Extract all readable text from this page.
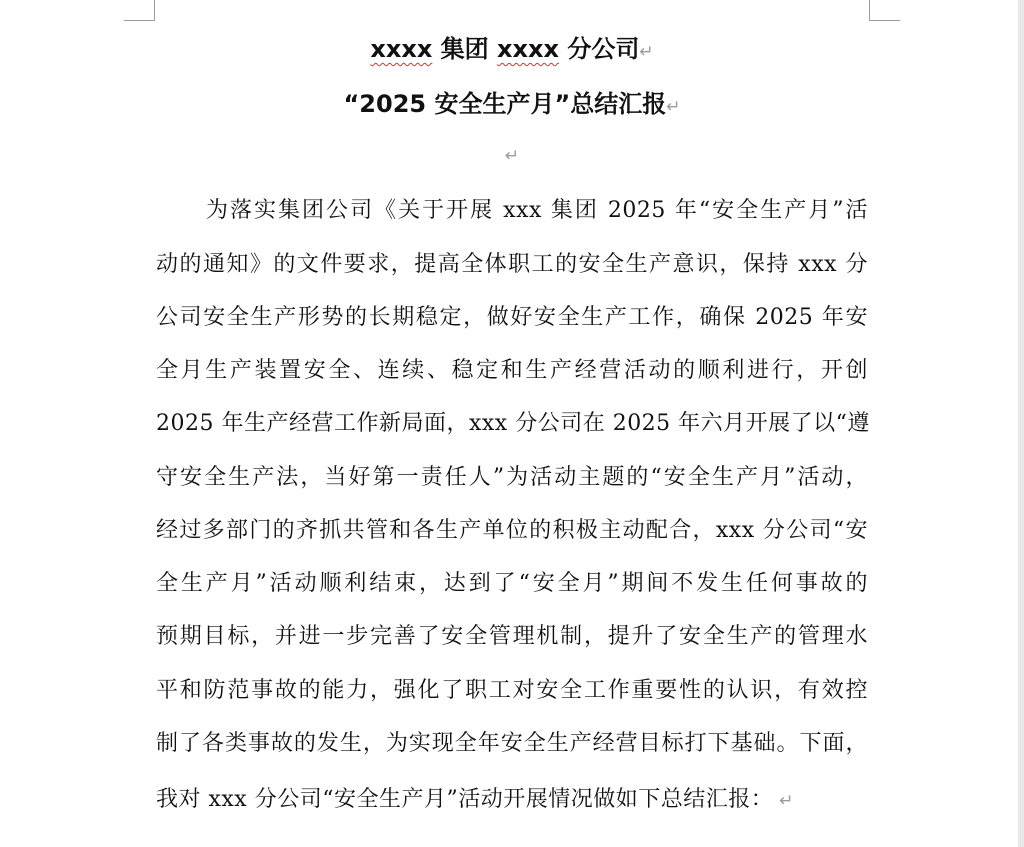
xxxx 集团 xxxx 分公司↵
“2025 安全生产月”总结汇报↵
↵
为落实集团公司《关于开展 xxx 集团 2025 年“安全生产月”活
动的通知》的文件要求，提高全体职工的安全生产意识，保持 xxx 分
公司安全生产形势的长期稳定，做好安全生产工作，确保 2025 年安
全月生产装置安全、连续、稳定和生产经营活动的顺利进行，开创
2025 年生产经营工作新局面，xxx 分公司在 2025 年六月开展了以“遵
守安全生产法，当好第一责任人”为活动主题的“安全生产月”活动，
经过多部门的齐抓共管和各生产单位的积极主动配合，xxx 分公司“安
全生产月”活动顺利结束，达到了“安全月”期间不发生任何事故的
预期目标，并进一步完善了安全管理机制，提升了安全生产的管理水
平和防范事故的能力，强化了职工对安全工作重要性的认识，有效控
制了各类事故的发生，为实现全年安全生产经营目标打下基础。下面，
我对 xxx 分公司“安全生产月”活动开展情况做如下总结汇报： ↵
